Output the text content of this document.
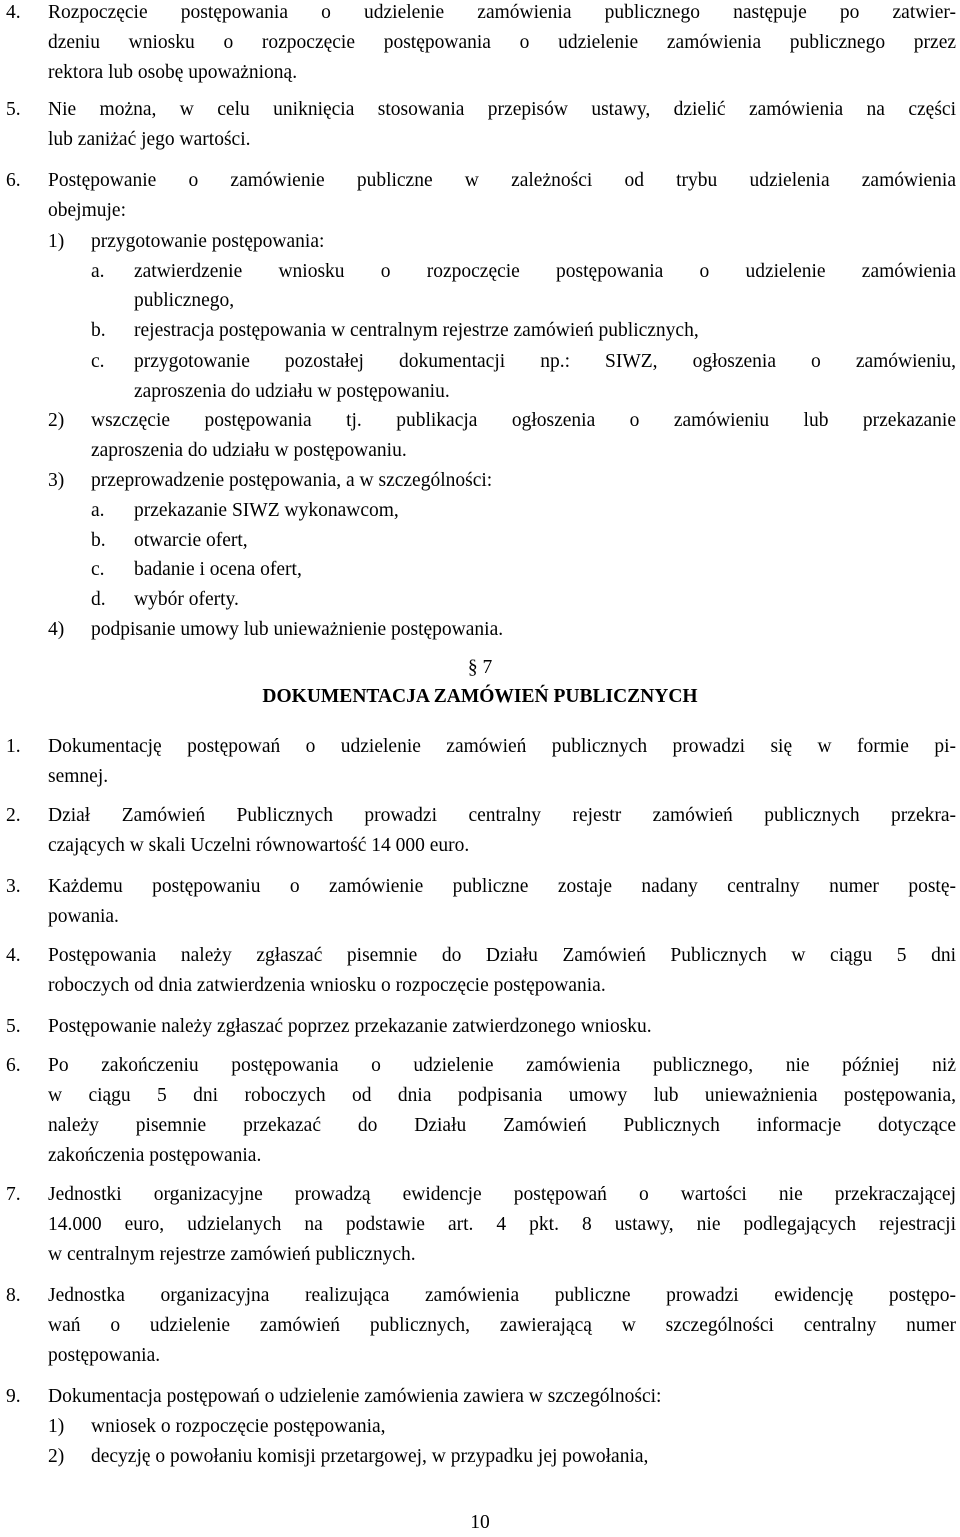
4.	Rozpoczęcie postępowania o udzielenie zamówienia publicznego następuje po zatwier-
dzeniu wniosku o rozpoczęcie postępowania o udzielenie zamówienia publicznego przez
rektora lub osobę upoważnioną.
5.	Nie można, w celu uniknięcia stosowania przepisów ustawy, dzielić zamówienia na części
lub zaniżać jego wartości.
6.	Postępowanie o zamówienie publiczne w zależności od trybu udzielenia zamówienia
obejmuje:
1)	przygotowanie postępowania:
a.	zatwierdzenie wniosku o rozpoczęcie postępowania o udzielenie zamówienia
publicznego,
b.	rejestracja postępowania w centralnym rejestrze zamówień publicznych,
c.	przygotowanie pozostałej dokumentacji np.: SIWZ, ogłoszenia o zamówieniu,
zaproszenia do udziału w postępowaniu.
2)	wszczęcie postępowania tj. publikacja ogłoszenia o zamówieniu lub przekazanie
zaproszenia do udziału w postępowaniu.
3)	przeprowadzenie postępowania, a w szczególności:
a.	przekazanie SIWZ wykonawcom,
b.	otwarcie ofert,
c.	badanie i ocena ofert,
d.	wybór oferty.
4)	podpisanie umowy lub unieważnienie postępowania.
1.	Dokumentację postępowań o udzielenie zamówień publicznych prowadzi się w formie pi-
semnej.
2.	Dział Zamówień Publicznych prowadzi centralny rejestr zamówień publicznych przekra-
czających w skali Uczelni równowartość 14 000 euro.
3.	Każdemu postępowaniu o zamówienie publiczne zostaje nadany centralny numer postę-
powania.
4.	Postępowania należy zgłaszać pisemnie do Działu Zamówień Publicznych w ciągu 5 dni
roboczych od dnia zatwierdzenia wniosku o rozpoczęcie postępowania.
5.	Postępowanie należy zgłaszać poprzez przekazanie zatwierdzonego wniosku.
6.	Po zakończeniu postępowania o udzielenie zamówienia publicznego, nie później niż
w ciągu 5 dni roboczych od dnia podpisania umowy lub unieważnienia postępowania,
należy pisemnie przekazać do Działu Zamówień Publicznych informacje dotyczące
zakończenia postępowania.
7.	Jednostki organizacyjne prowadzą ewidencje postępowań o wartości nie przekraczającej
14.000 euro, udzielanych na podstawie art. 4 pkt. 8 ustawy, nie podlegających rejestracji
w centralnym rejestrze zamówień publicznych.
8.	Jednostka organizacyjna realizująca zamówienia publiczne prowadzi ewidencję postępo-
wań o udzielenie zamówień publicznych, zawierającą w szczególności centralny numer
postępowania.
9.	Dokumentacja postępowań o udzielenie zamówienia zawiera w szczególności:
1)	wniosek o rozpoczęcie postępowania,
2)	decyzję o powołaniu komisji przetargowej, w przypadku jej powołania,
§ 7
DOKUMENTACJA ZAMÓWIEŃ PUBLICZNYCH
10
